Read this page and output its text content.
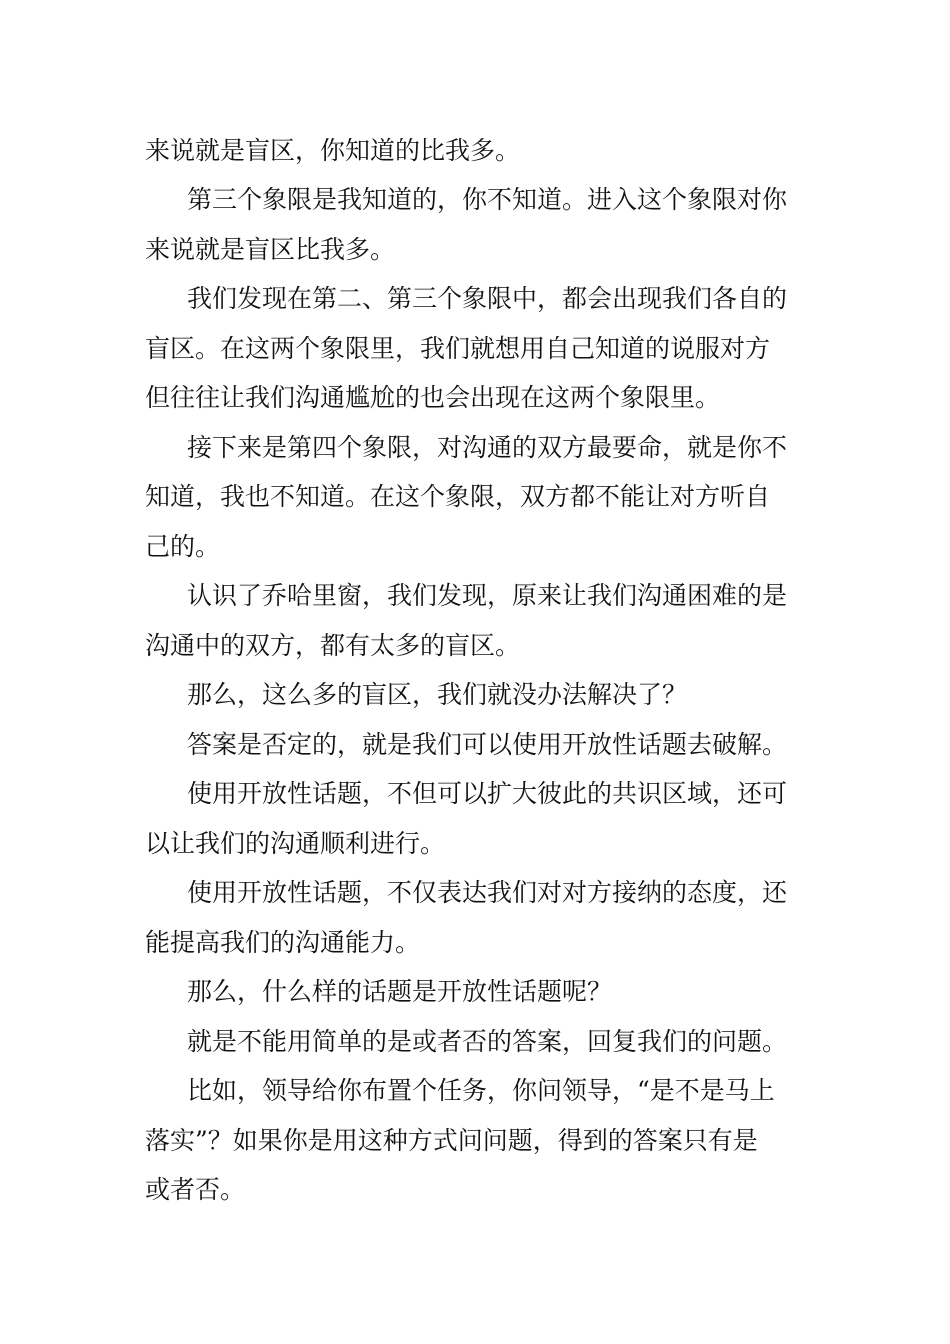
来说就是盲区，你知道的比我多。
第三个象限是我知道的，你不知道。进入这个象限对你
来说就是盲区比我多。
我们发现在第二、第三个象限中，都会出现我们各自的
盲区。在这两个象限里，我们就想用自己知道的说服对方
但往往让我们沟通尴尬的也会出现在这两个象限里。
接下来是第四个象限，对沟通的双方最要命，就是你不
知道，我也不知道。在这个象限，双方都不能让对方听自
己的。
认识了乔哈里窗，我们发现，原来让我们沟通困难的是
沟通中的双方，都有太多的盲区。
那么，这么多的盲区，我们就没办法解决了？
答案是否定的，就是我们可以使用开放性话题去破解。
使用开放性话题，不但可以扩大彼此的共识区域，还可
以让我们的沟通顺利进行。
使用开放性话题，不仅表达我们对对方接纳的态度，还
能提高我们的沟通能力。
那么，什么样的话题是开放性话题呢？
就是不能用简单的是或者否的答案，回复我们的问题。
比如，领导给你布置个任务，你问领导，“是不是马上
落实”？如果你是用这种方式问问题，得到的答案只有是
或者否。
